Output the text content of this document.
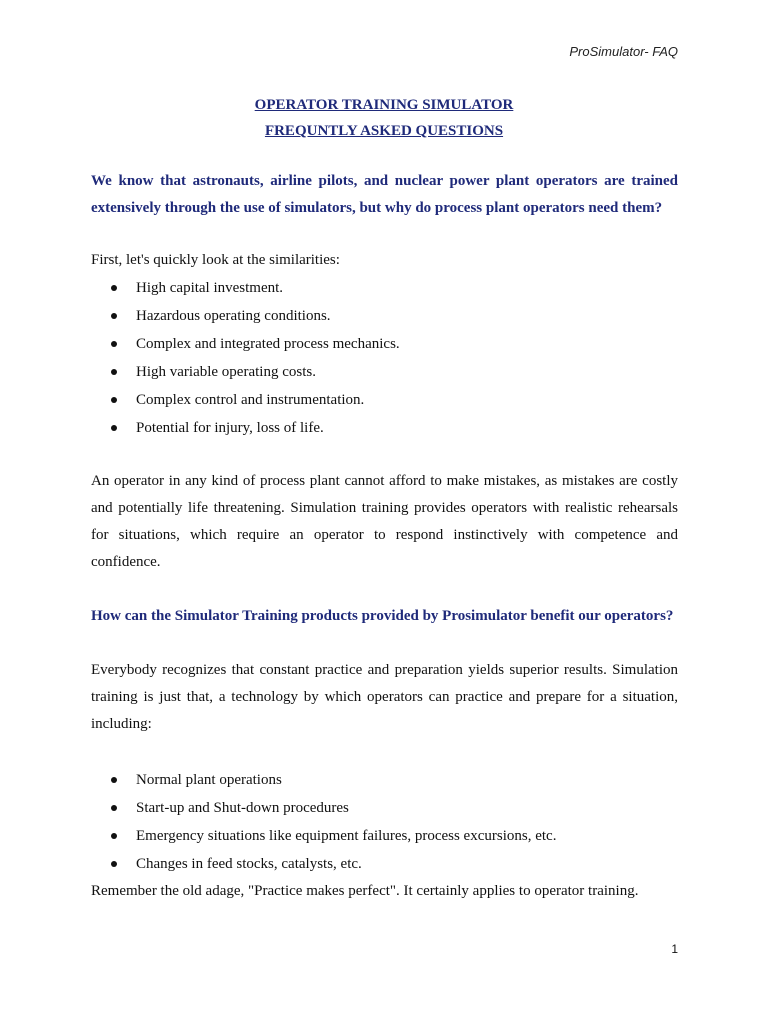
ProSimulator- FAQ
OPERATOR TRAINING SIMULATOR
FREQUNTLY ASKED QUESTIONS

We know that astronauts, airline pilots, and nuclear power plant operators are trained extensively through the use of simulators, but why do process plant operators need them?

First, let's quickly look at the similarities:

High capital investment.
Hazardous operating conditions.
Complex and integrated process mechanics.
High variable operating costs.
Complex control and instrumentation.
Potential for injury, loss of life.

An operator in any kind of process plant cannot afford to make mistakes, as mistakes are costly and potentially life threatening. Simulation training provides operators with realistic rehearsals for situations, which require an operator to respond instinctively with competence and confidence.

How can the Simulator Training products provided by Prosimulator benefit our operators?

Everybody recognizes that constant practice and preparation yields superior results. Simulation training is just that, a technology by which operators can practice and prepare for a situation, including:

Normal plant operations
Start-up and Shut-down procedures
Emergency situations like equipment failures, process excursions, etc.
Changes in feed stocks, catalysts, etc.

Remember the old adage, "Practice makes perfect". It certainly applies to operator training.

1
